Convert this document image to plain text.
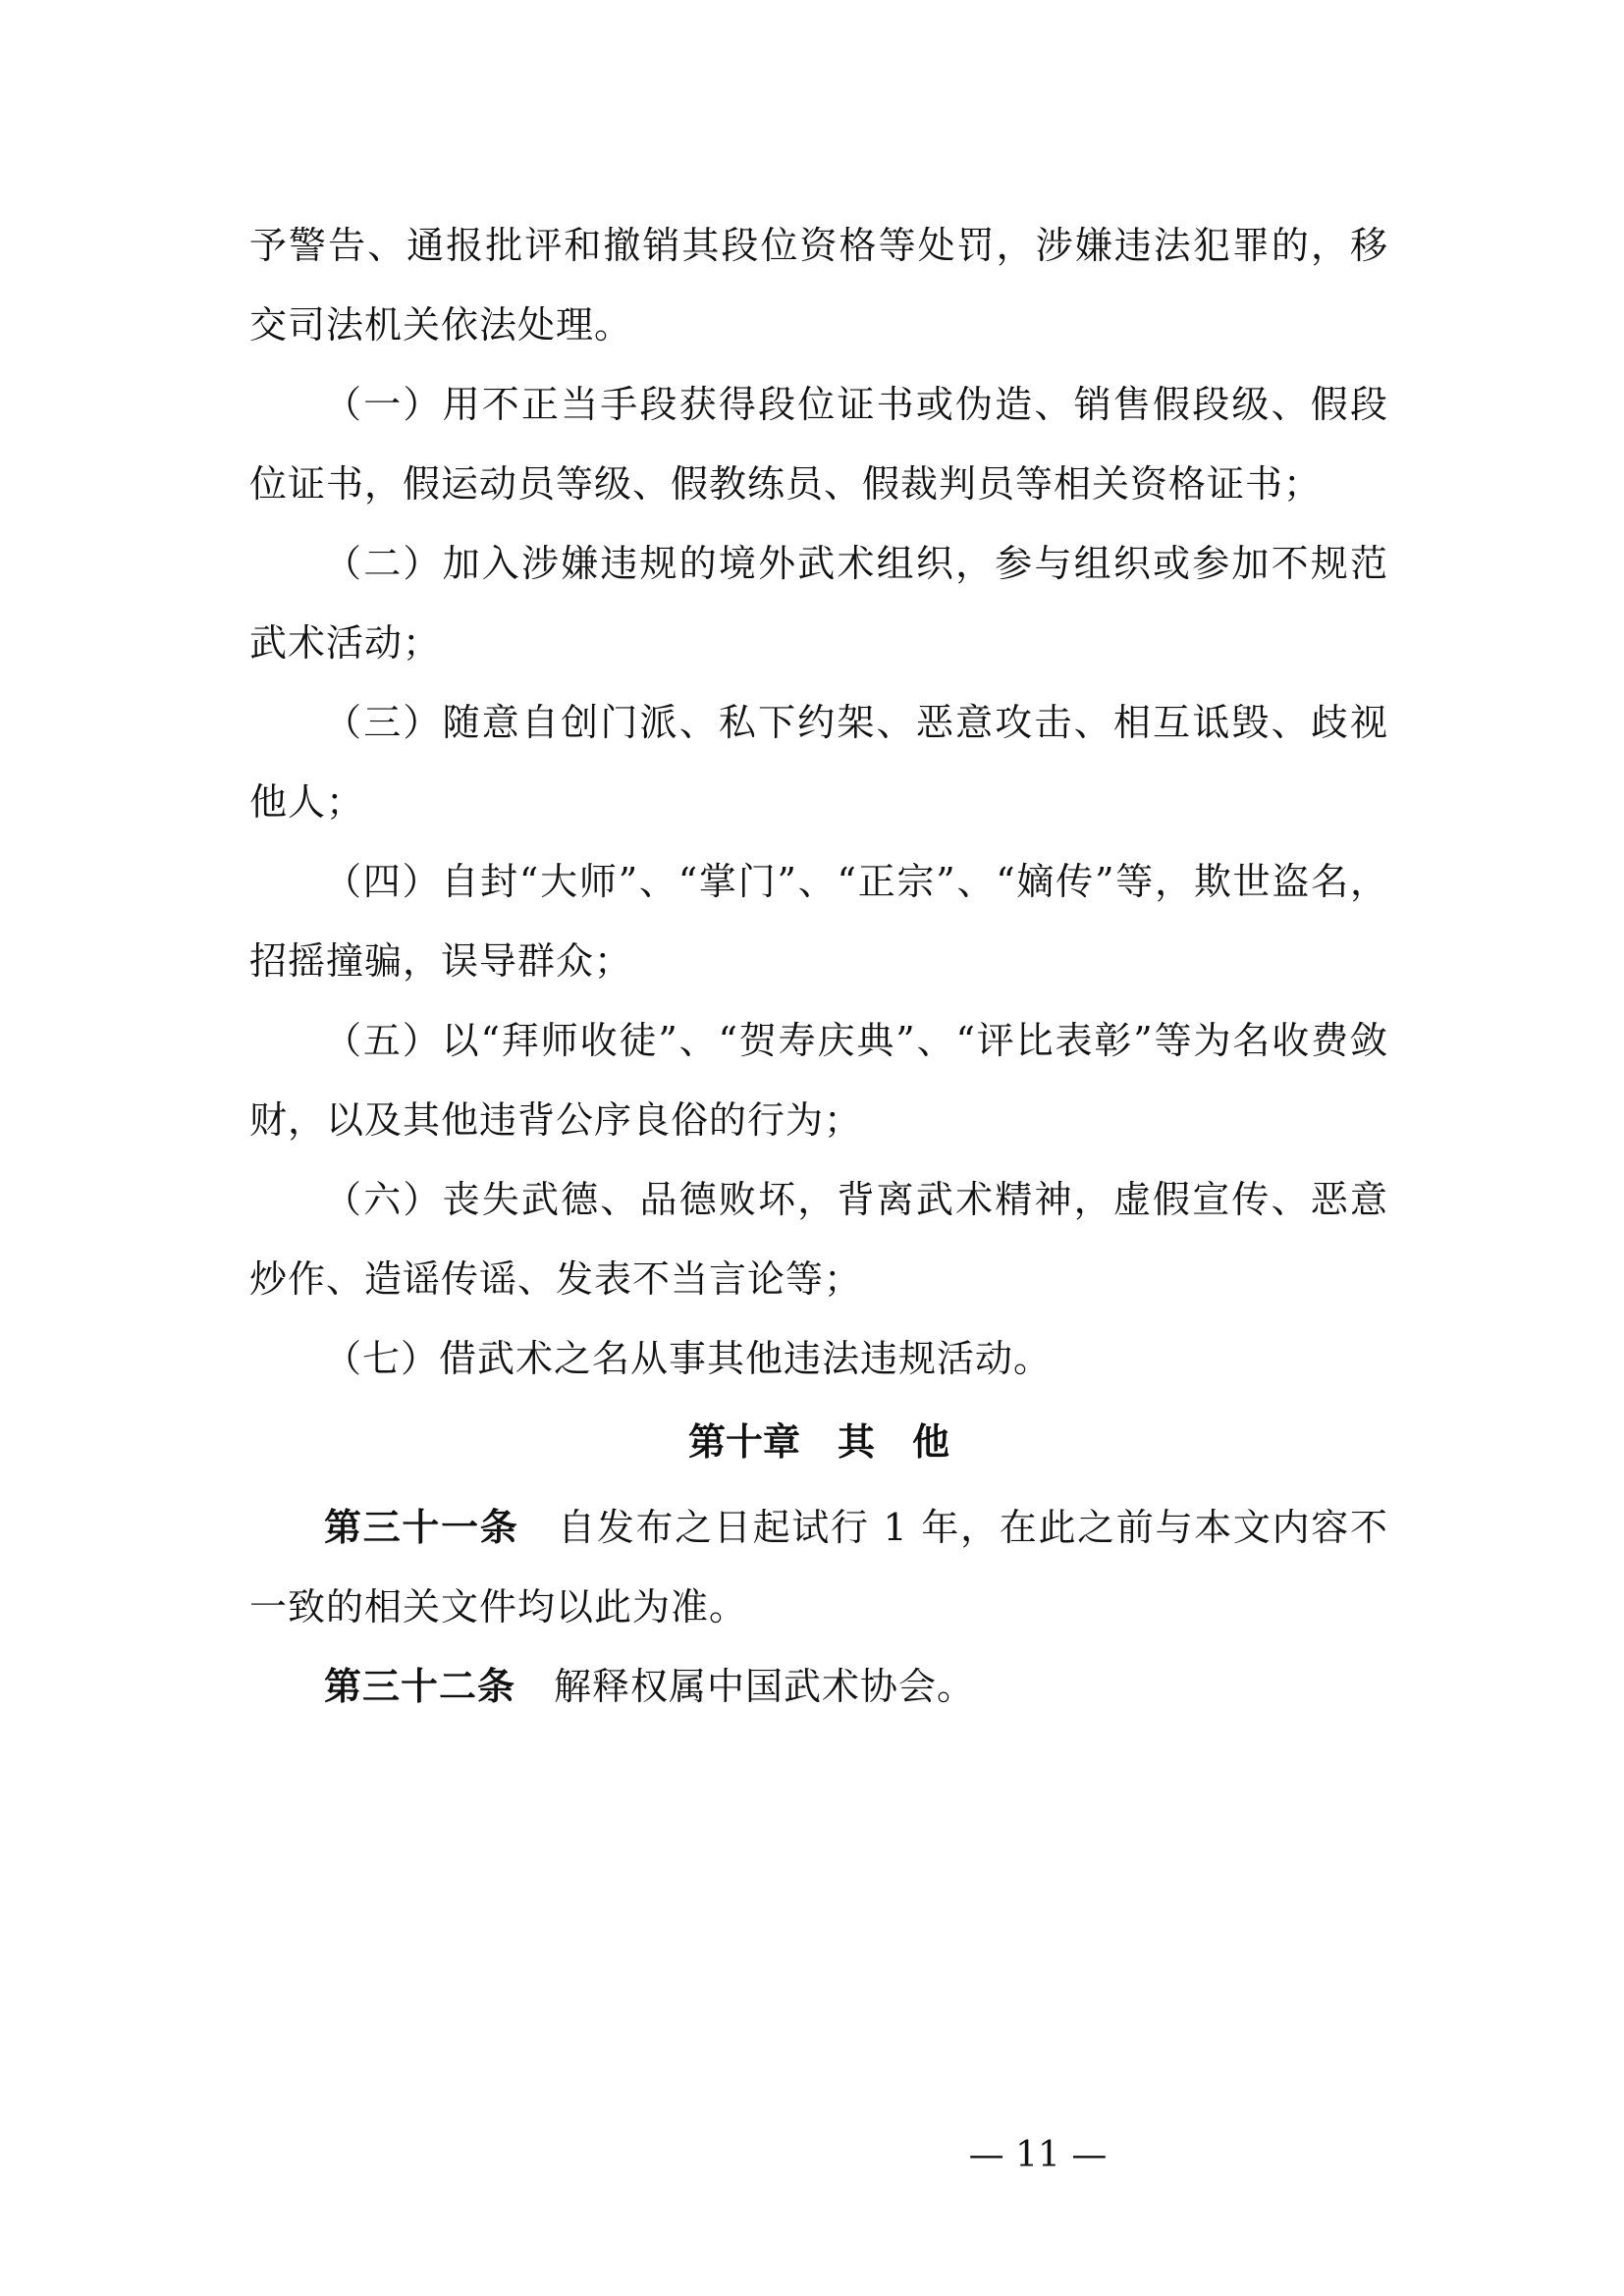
予警告、通报批评和撤销其段位资格等处罚，涉嫌违法犯罪的，移交司法机关依法处理。

（一）用不正当手段获得段位证书或伪造、销售假段级、假段位证书，假运动员等级、假教练员、假裁判员等相关资格证书；

（二）加入涉嫌违规的境外武术组织，参与组织或参加不规范武术活动；

（三）随意自创门派、私下约架、恶意攻击、相互诋毁、歧视他人；

（四）自封“大师”、“掌门”、“正宗”、“嫡传”等，欺世盗名，招摇撞骗，误导群众；

（五）以“拜师收徒”、“贺寿庆典”、“评比表彰”等为名收费敛财，以及其他违背公序良俗的行为；

（六）丧失武德、品德败坏，背离武术精神，虚假宣传、恶意炒作、造谣传谣、发表不当言论等；

（七）借武术之名从事其他违法违规活动。

第十章　其　他

第三十一条　 自发布之日起试行 1 年，在此之前与本文内容不一致的相关文件均以此为准。

第三十二条　 解释权属中国武术协会。

— 11 —
